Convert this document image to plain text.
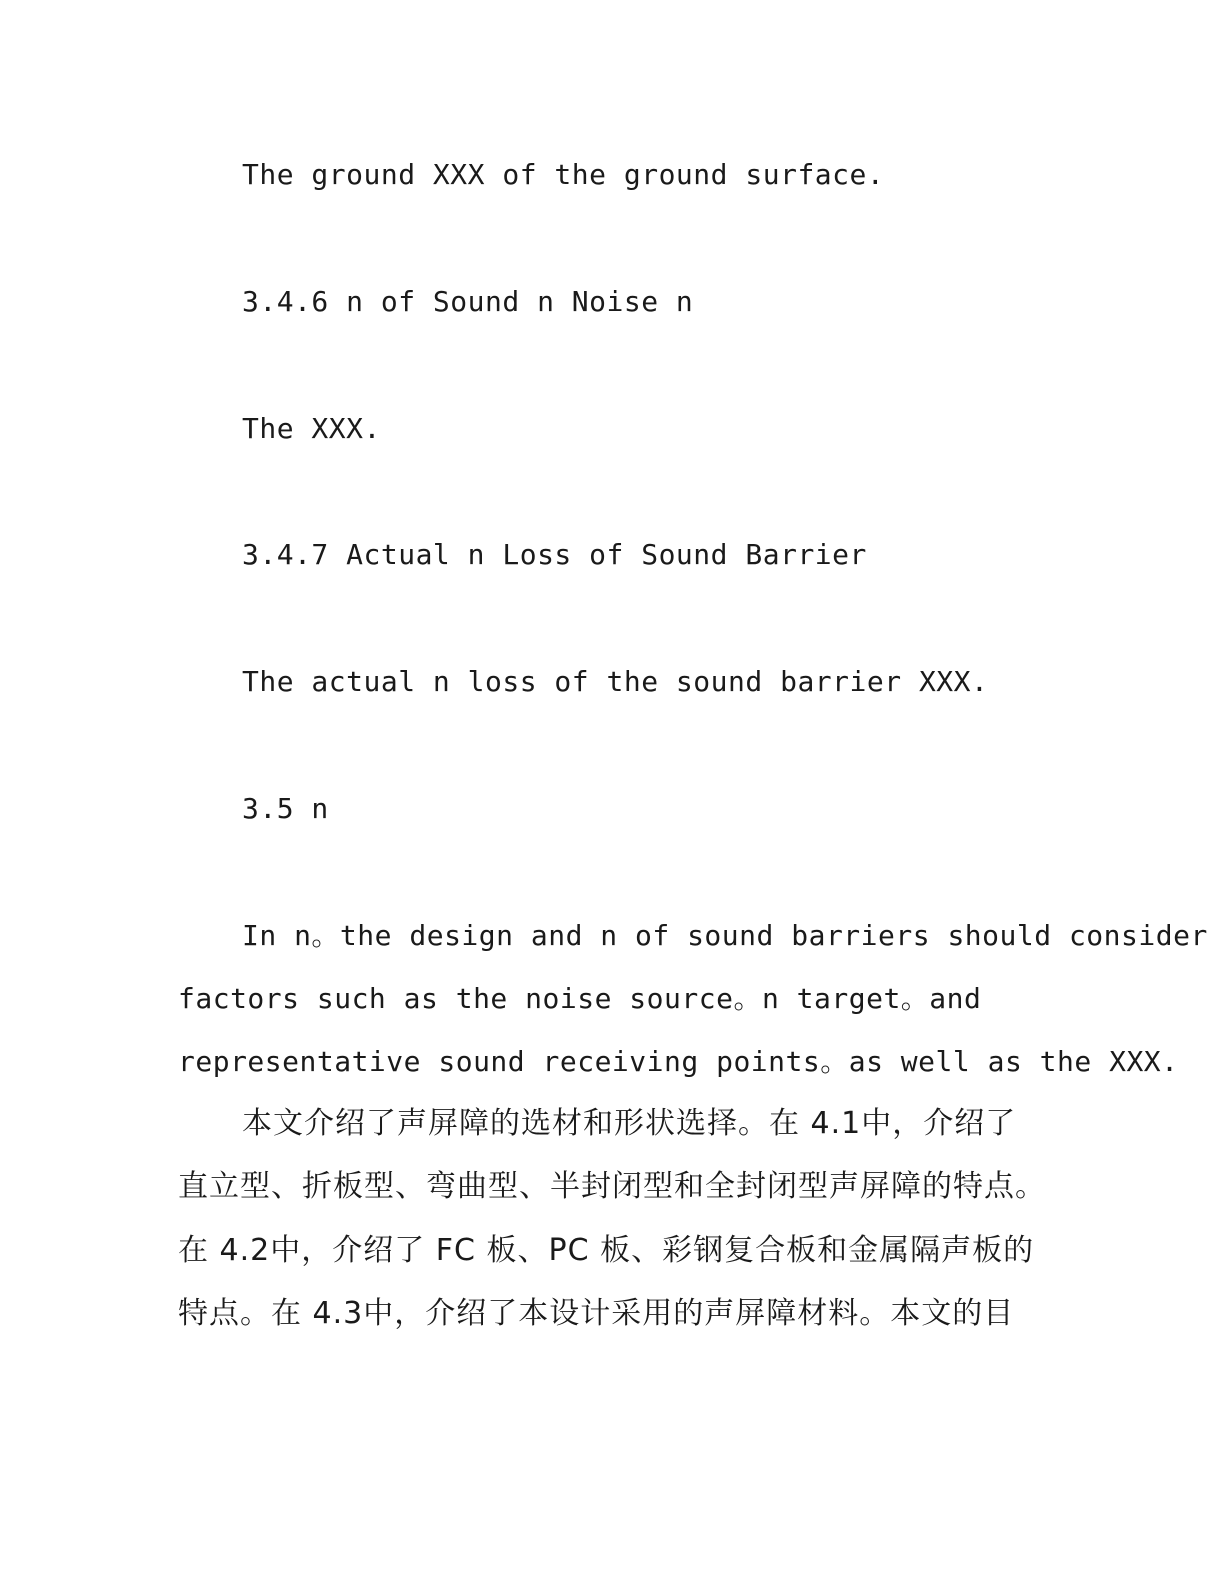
The ground XXX of the ground surface.
3.4.6 n of Sound n Noise n
The XXX.
3.4.7 Actual n Loss of Sound Barrier
The actual n loss of the sound barrier XXX.
3.5 n
In n。the design and n of sound barriers should consider
factors such as the noise source。n target。and
representative sound receiving points。as well as the XXX.
本文介绍了声屏障的选材和形状选择。在 4.1中，介绍了
直立型、折板型、弯曲型、半封闭型和全封闭型声屏障的特点。
在 4.2中，介绍了 FC 板、PC 板、彩钢复合板和金属隔声板的
特点。在 4.3中，介绍了本设计采用的声屏障材料。本文的目
